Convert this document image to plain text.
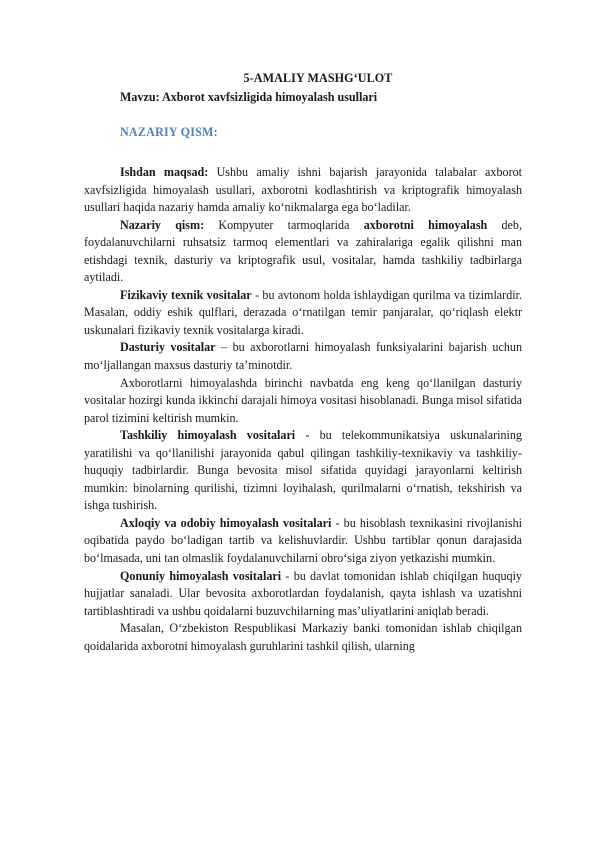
5-AMALIY MASHG‘ULOT
Mavzu: Axborot xavfsizligida himoyalash usullari
NAZARIY QISM:

Ishdan maqsad: Ushbu amaliy ishni bajarish jarayonida talabalar axborot xavfsizligida himoyalash usullari, axborotni kodlashtirish va kriptografik himoyalash usullari haqida nazariy hamda amaliy ko‘nikmalarga ega bo‘ladilar.

Nazariy qism: Kompyuter tarmoqlarida axborotni himoyalash deb, foydalanuvchilarni ruhsatsiz tarmoq elementlari va zahiralariga egalik qilishni man etishdagi texnik, dasturiy va kriptografik usul, vositalar, hamda tashkiliy tadbirlarga aytiladi.

Fizikaviy texnik vositalar - bu avtonom holda ishlaydigan qurilma va tizimlardir. Masalan, oddiy eshik qulflari, derazada o‘rnatilgan temir panjaralar, qo‘riqlash elektr uskunalari fizikaviy texnik vositalarga kiradi.

Dasturiy vositalar – bu axborotlarni himoyalash funksiyalarini bajarish uchun mo‘ljallangan maxsus dasturiy ta’minotdir.

Axborotlarni himoyalashda birinchi navbatda eng keng qo‘llanilgan dasturiy vositalar hozirgi kunda ikkinchi darajali himoya vositasi hisoblanadi. Bunga misol sifatida parol tizimini keltirish mumkin.

Tashkiliy himoyalash vositalari - bu telekommunikatsiya uskunalarining yaratilishi va qo‘llanilishi jarayonida qabul qilingan tashkiliy-texnikaviy va tashkiliy-huquqiy tadbirlardir. Bunga bevosita misol sifatida quyidagi jarayonlarni keltirish mumkin: binolarning qurilishi, tizimni loyihalash, qurilmalarni o‘rnatish, tekshirish va ishga tushirish.

Axloqiy va odobiy himoyalash vositalari - bu hisoblash texnikasini rivojlanishi oqibatida paydo bo‘ladigan tartib va kelishuvlardir. Ushbu tartiblar qonun darajasida bo‘lmasada, uni tan olmaslik foydalanuvchilarni obro‘siga ziyon yetkazishi mumkin.

Qonuniy himoyalash vositalari - bu davlat tomonidan ishlab chiqilgan huquqiy hujjatlar sanaladi. Ular bevosita axborotlardan foydalanish, qayta ishlash va uzatishni tartiblashtiradi va ushbu qoidalarni buzuvchilarning mas’uliyatlarini aniqlab beradi.

Masalan, O‘zbekiston Respublikasi Markaziy banki tomonidan ishlab chiqilgan qoidalarida axborotni himoyalash guruhlarini tashkil qilish, ularning
